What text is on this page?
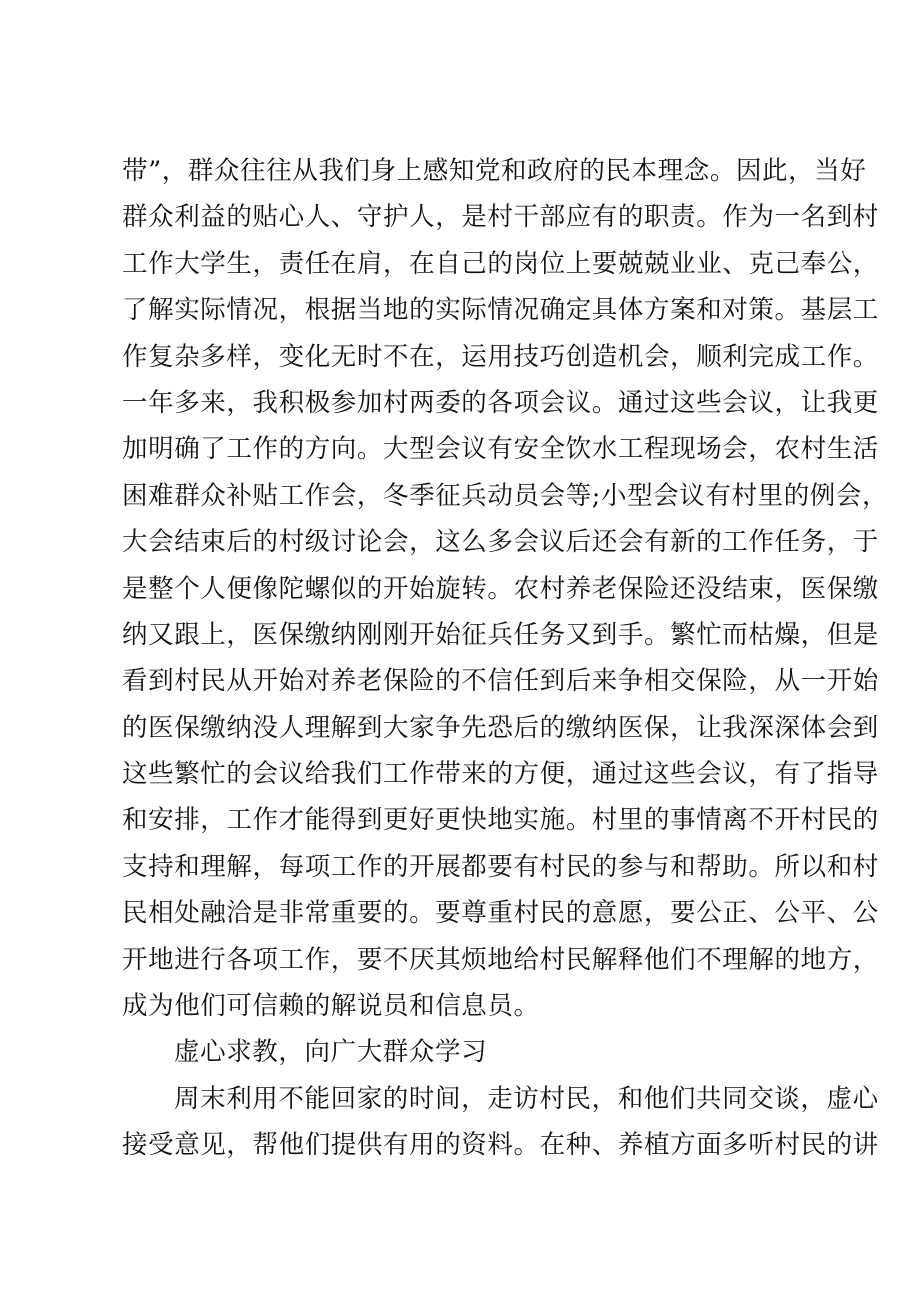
带”，群众往往从我们身上感知党和政府的民本理念。因此，当好
群众利益的贴心人、守护人，是村干部应有的职责。作为一名到村
工作大学生，责任在肩，在自己的岗位上要兢兢业业、克己奉公，
了解实际情况，根据当地的实际情况确定具体方案和对策。基层工
作复杂多样，变化无时不在，运用技巧创造机会，顺利完成工作。
一年多来，我积极参加村两委的各项会议。通过这些会议，让我更
加明确了工作的方向。大型会议有安全饮水工程现场会，农村生活
困难群众补贴工作会，冬季征兵动员会等;小型会议有村里的例会，
大会结束后的村级讨论会，这么多会议后还会有新的工作任务，于
是整个人便像陀螺似的开始旋转。农村养老保险还没结束，医保缴
纳又跟上，医保缴纳刚刚开始征兵任务又到手。繁忙而枯燥，但是
看到村民从开始对养老保险的不信任到后来争相交保险，从一开始
的医保缴纳没人理解到大家争先恐后的缴纳医保，让我深深体会到
这些繁忙的会议给我们工作带来的方便，通过这些会议，有了指导
和安排，工作才能得到更好更快地实施。村里的事情离不开村民的
支持和理解，每项工作的开展都要有村民的参与和帮助。所以和村
民相处融洽是非常重要的。要尊重村民的意愿，要公正、公平、公
开地进行各项工作，要不厌其烦地给村民解释他们不理解的地方，
成为他们可信赖的解说员和信息员。
虚心求教，向广大群众学习
周末利用不能回家的时间，走访村民，和他们共同交谈，虚心
接受意见，帮他们提供有用的资料。在种、养植方面多听村民的讲
